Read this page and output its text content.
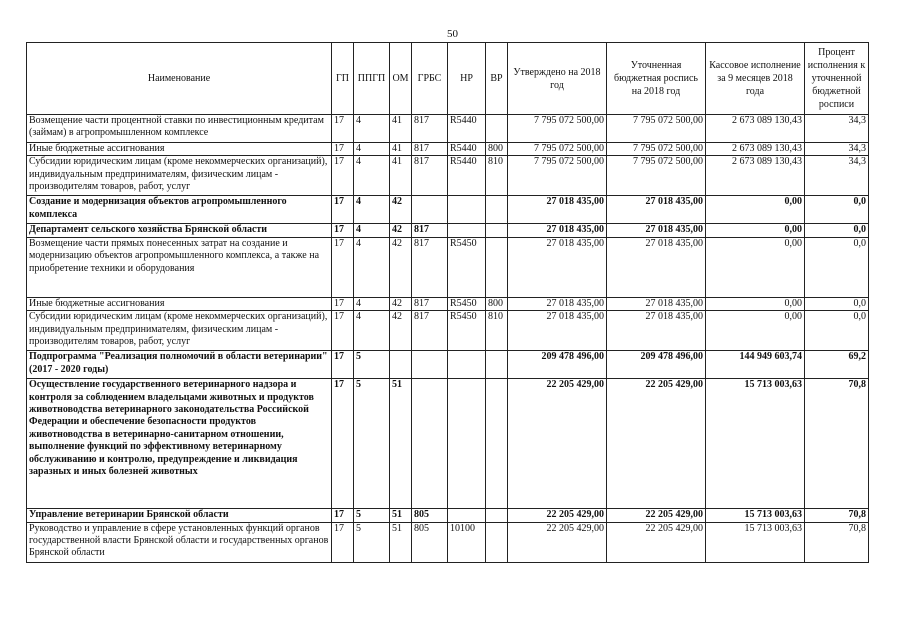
50
Наименование	ГП	ППГП	ОМ	ГРБС	НР	ВР	Утверждено на 2018 год	Уточненная бюджетная роспись на 2018 год	Кассовое исполнение за 9 месяцев 2018 года	Процент исполнения к уточненной бюджетной росписи
Возмещение части процентной ставки по инвестиционным кредитам (займам) в агропромышленном комплексе	17	4	41	817	R5440		7 795 072 500,00	7 795 072 500,00	2 673 089 130,43	34,3
Иные бюджетные ассигнования	17	4	41	817	R5440	800	7 795 072 500,00	7 795 072 500,00	2 673 089 130,43	34,3
Субсидии юридическим лицам (кроме некоммерческих организаций), индивидуальным предпринимателям, физическим лицам - производителям товаров, работ, услуг	17	4	41	817	R5440	810	7 795 072 500,00	7 795 072 500,00	2 673 089 130,43	34,3
Создание и модернизация объектов агропромышленного комплекса	17	4	42				27 018 435,00	27 018 435,00	0,00	0,0
Департамент сельского хозяйства Брянской области	17	4	42	817			27 018 435,00	27 018 435,00	0,00	0,0
Возмещение части прямых понесенных затрат на создание и модернизацию объектов агропромышленного комплекса, а также на приобретение техники и оборудования	17	4	42	817	R5450		27 018 435,00	27 018 435,00	0,00	0,0
Иные бюджетные ассигнования	17	4	42	817	R5450	800	27 018 435,00	27 018 435,00	0,00	0,0
Субсидии юридическим лицам (кроме некоммерческих организаций), индивидуальным предпринимателям, физическим лицам - производителям товаров, работ, услуг	17	4	42	817	R5450	810	27 018 435,00	27 018 435,00	0,00	0,0
Подпрограмма "Реализация полномочий в области ветеринарии" (2017 - 2020 годы)	17	5					209 478 496,00	209 478 496,00	144 949 603,74	69,2
Осуществление государственного ветеринарного надзора и контроля за соблюдением владельцами животных и продуктов животноводства ветеринарного законодательства Российской Федерации и обеспечение безопасности продуктов животноводства в ветеринарно-санитарном отношении, выполнение функций по эффективному ветеринарному обслуживанию и контролю, предупреждение и ликвидация заразных и иных болезней животных	17	5	51				22 205 429,00	22 205 429,00	15 713 003,63	70,8
Управление ветеринарии Брянской области	17	5	51	805			22 205 429,00	22 205 429,00	15 713 003,63	70,8
Руководство и управление в сфере установленных функций органов государственной власти Брянской области и государственных органов Брянской области	17	5	51	805	10100		22 205 429,00	22 205 429,00	15 713 003,63	70,8
